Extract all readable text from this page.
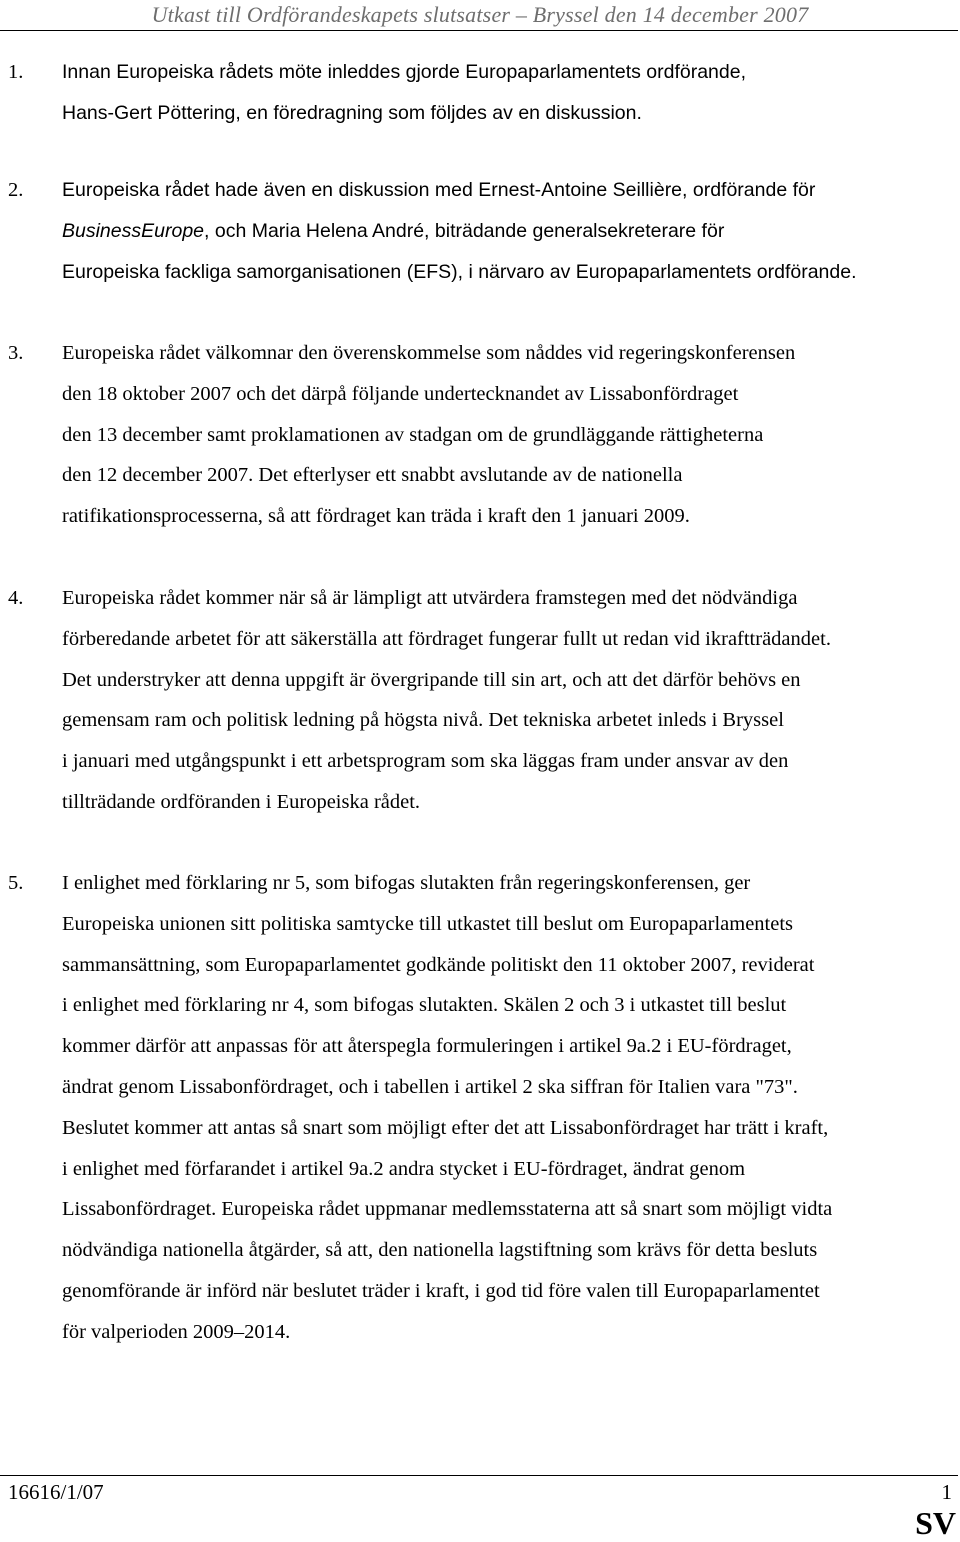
Utkast till Ordförandeskapets slutsatser – Bryssel den 14 december 2007
1. Innan Europeiska rådets möte inleddes gjorde Europaparlamentets ordförande,
Hans-Gert Pöttering, en föredragning som följdes av en diskussion.
2. Europeiska rådet hade även en diskussion med Ernest-Antoine Seillière, ordförande för
BusinessEurope, och Maria Helena André, biträdande generalsekreterare för
Europeiska fackliga samorganisationen (EFS), i närvaro av Europaparlamentets ordförande.
3. Europeiska rådet välkomnar den överenskommelse som nåddes vid regeringskonferensen
den 18 oktober 2007 och det därpå följande undertecknandet av Lissabonfördraget
den 13 december samt proklamationen av stadgan om de grundläggande rättigheterna
den 12 december 2007. Det efterlyser ett snabbt avslutande av de nationella
ratifikationsprocesserna, så att fördraget kan träda i kraft den 1 januari 2009.
4. Europeiska rådet kommer när så är lämpligt att utvärdera framstegen med det nödvändiga
förberedande arbetet för att säkerställa att fördraget fungerar fullt ut redan vid ikraftträdandet.
Det understryker att denna uppgift är övergripande till sin art, och att det därför behövs en
gemensam ram och politisk ledning på högsta nivå. Det tekniska arbetet inleds i Bryssel
i januari med utgångspunkt i ett arbetsprogram som ska läggas fram under ansvar av den
tillträdande ordföranden i Europeiska rådet.
5. I enlighet med förklaring nr 5, som bifogas slutakten från regeringskonferensen, ger
Europeiska unionen sitt politiska samtycke till utkastet till beslut om Europaparlamentets
sammansättning, som Europaparlamentet godkände politiskt den 11 oktober 2007, reviderat
i enlighet med förklaring nr 4, som bifogas slutakten. Skälen 2 och 3 i utkastet till beslut
kommer därför att anpassas för att återspegla formuleringen i artikel 9a.2 i EU-fördraget,
ändrat genom Lissabonfördraget, och i tabellen i artikel 2 ska siffran för Italien vara "73".
Beslutet kommer att antas så snart som möjligt efter det att Lissabonfördraget har trätt i kraft,
i enlighet med förfarandet i artikel 9a.2 andra stycket i EU-fördraget, ändrat genom
Lissabonfördraget. Europeiska rådet uppmanar medlemsstaterna att så snart som möjligt vidta
nödvändiga nationella åtgärder, så att, den nationella lagstiftning som krävs för detta besluts
genomförande är införd när beslutet träder i kraft, i god tid före valen till Europaparlamentet
för valperioden 2009–2014.
16616/1/07	1
SV
